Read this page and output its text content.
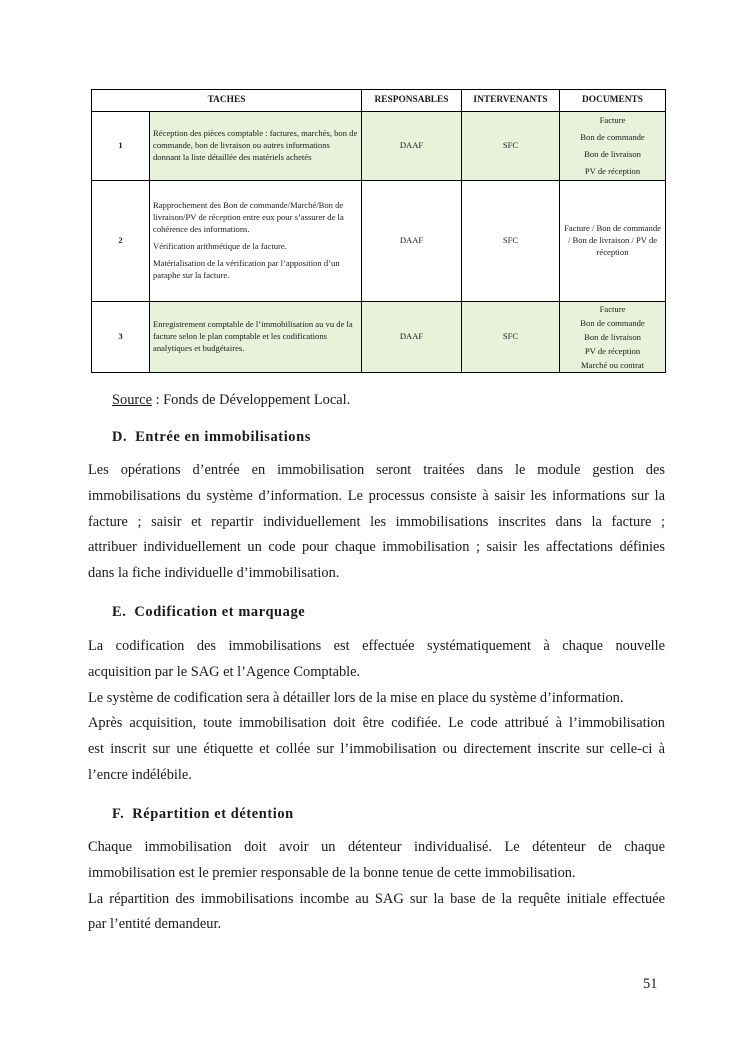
TACHES		RESPONSABLES	INTERVENANTS	DOCUMENTS
1	Réception des pièces comptable : factures, marchés, bon de commande, bon de livraison ou autres informations donnant la liste détaillée des matériels achetés	DAAF	SFC	Facture
Bon de commande
Bon de livraison
PV de réception

2	Rapprochement des Bon de commande/Marché/Bon de livraison/PV de réception entre eux pour s’assurer de la cohérence des informations.
Vérification arithmétique de la facture.
Matérialisation de la vérification par l’apposition d’un paraphe sur la facture.	DAAF	SFC	Facture / Bon de commande / Bon de livraison / PV de réception

3	Enregistrement comptable de l’immobilisation au vu de la facture selon le plan comptable et les codifications analytiques et budgétaires.	DAAF	SFC	Facture
Bon de commande
Bon de livraison
PV de réception
Marché ou contrat
Source : Fonds de Développement Local.
D. Entrée en immobilisations
Les opérations d’entrée en immobilisation seront traitées dans le module gestion des
immobilisations du système d’information. Le processus consiste à saisir les informations sur la
facture ; saisir et repartir individuellement les immobilisations inscrites dans la facture ;
attribuer individuellement un code pour chaque immobilisation ; saisir les affectations définies
dans la fiche individuelle d’immobilisation.
E. Codification et marquage
La codification des immobilisations est effectuée systématiquement à chaque nouvelle
acquisition par le SAG et l’Agence Comptable.
Le système de codification sera à détailler lors de la mise en place du système d’information.
Après acquisition, toute immobilisation doit être codifiée. Le code attribué à l’immobilisation
est inscrit sur une étiquette et collée sur l’immobilisation ou directement inscrite sur celle-ci à
l’encre indélébile.
F. Répartition et détention
Chaque immobilisation doit avoir un détenteur individualisé. Le détenteur de chaque
immobilisation est le premier responsable de la bonne tenue de cette immobilisation.
La répartition des immobilisations incombe au SAG sur la base de la requête initiale effectuée
par l’entité demandeur.
51
